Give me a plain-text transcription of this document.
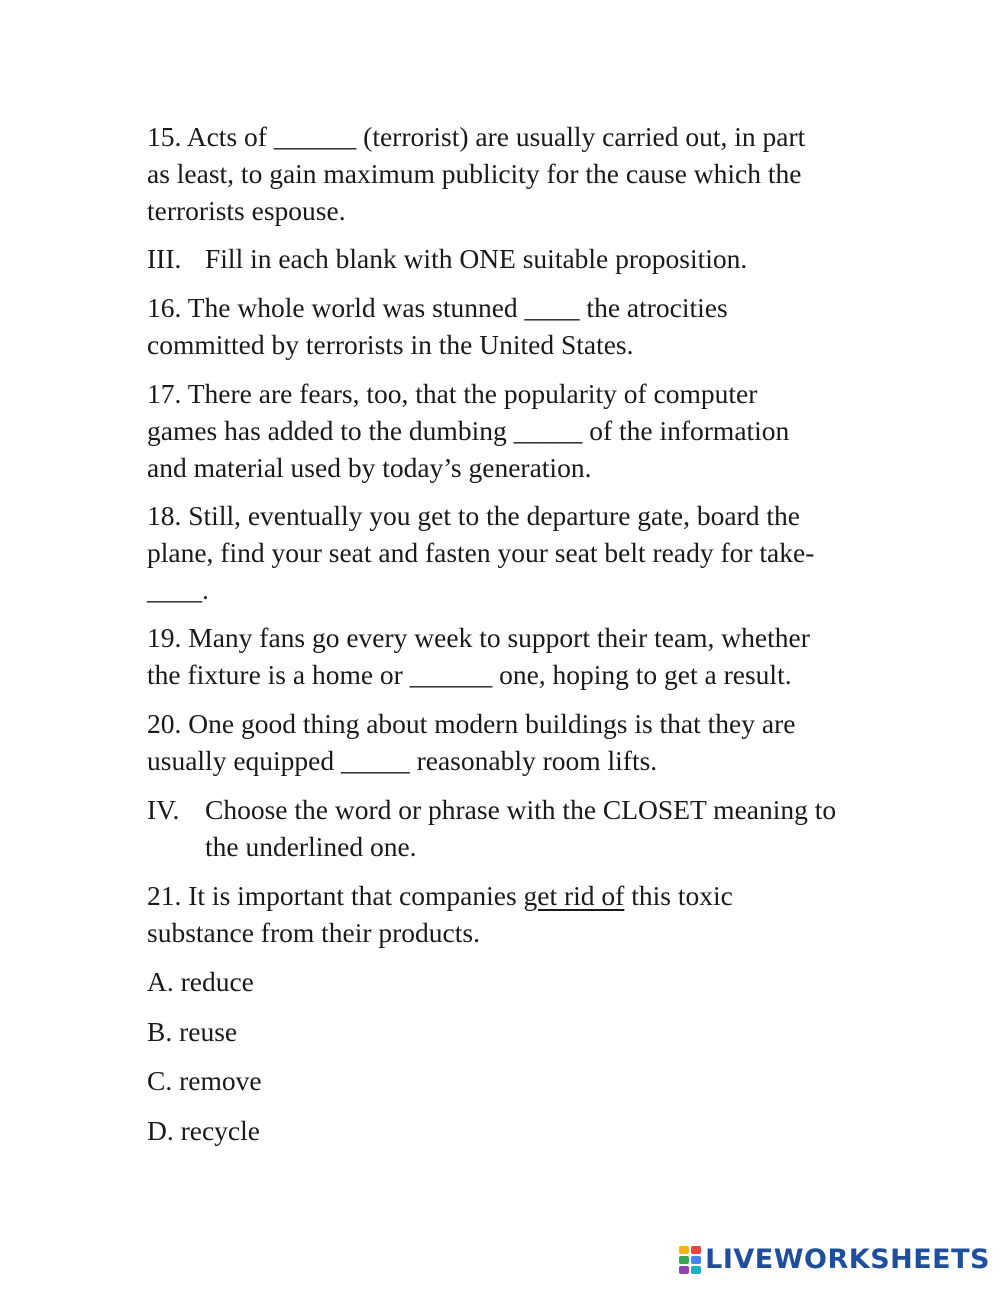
15. Acts of ______ (terrorist) are usually carried out, in part
as least, to gain maximum publicity for the cause which the
terrorists espouse.
III. Fill in each blank with ONE suitable proposition.
16. The whole world was stunned ____ the atrocities
committed by terrorists in the United States.
17. There are fears, too, that the popularity of computer
games has added to the dumbing _____ of the information
and material used by today’s generation.
18. Still, eventually you get to the departure gate, board the
plane, find your seat and fasten your seat belt ready for take-
____.
19. Many fans go every week to support their team, whether
the fixture is a home or ______ one, hoping to get a result.
20. One good thing about modern buildings is that they are
usually equipped _____ reasonably room lifts.
IV. Choose the word or phrase with the CLOSET meaning to
the underlined one.
21. It is important that companies get rid of this toxic
substance from their products.
A. reduce
B. reuse
C. remove
D. recycle
LIVEWORKSHEETS
